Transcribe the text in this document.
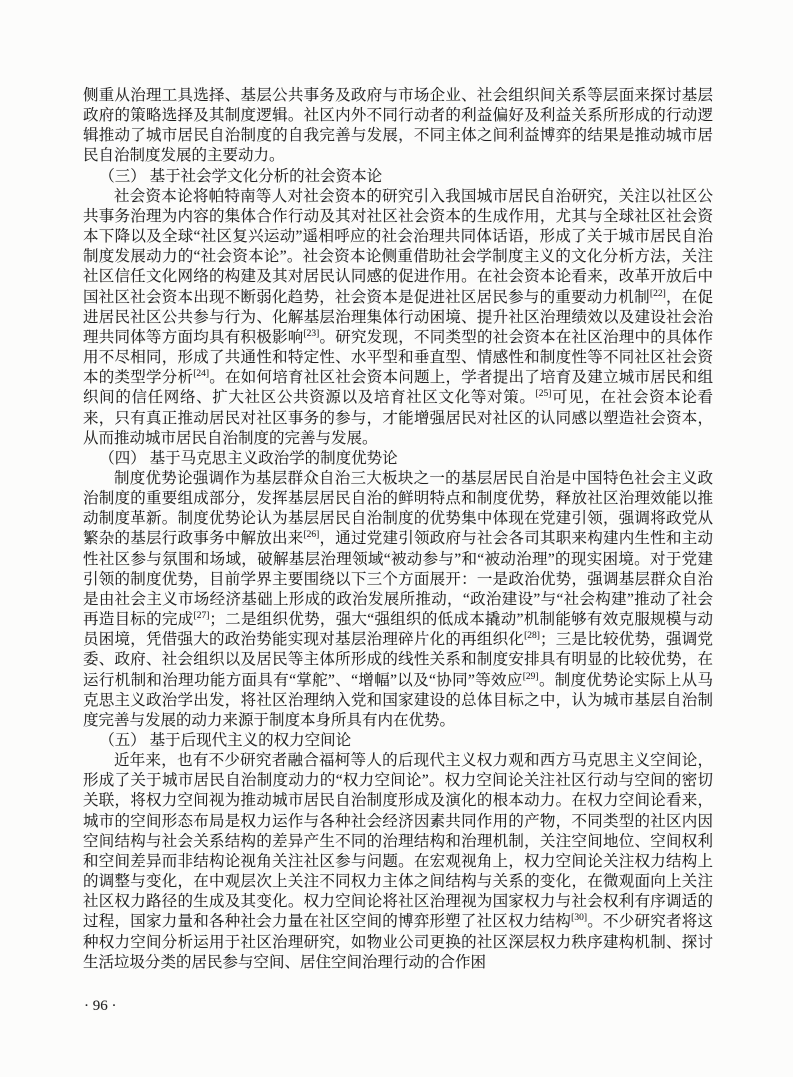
侧重从治理工具选择、基层公共事务及政府与市场企业、社会组织间关系等层面来探讨基层政府的策略选择及其制度逻辑。社区内外不同行动者的利益偏好及利益关系所形成的行动逻辑推动了城市居民自治制度的自我完善与发展，不同主体之间利益博弈的结果是推动城市居民自治制度发展的主要动力。

（三） 基于社会学文化分析的社会资本论

社会资本论将帕特南等人对社会资本的研究引入我国城市居民自治研究，关注以社区公共事务治理为内容的集体合作行动及其对社区社会资本的生成作用，尤其与全球社区社会资本下降以及全球“社区复兴运动”遥相呼应的社会治理共同体话语，形成了关于城市居民自治制度发展动力的“社会资本论”。社会资本论侧重借助社会学制度主义的文化分析方法，关注社区信任文化网络的构建及其对居民认同感的促进作用。在社会资本论看来，改革开放后中国社区社会资本出现不断弱化趋势，社会资本是促进社区居民参与的重要动力机制[22]，在促进居民社区公共参与行为、化解基层治理集体行动困境、提升社区治理绩效以及建设社会治理共同体等方面均具有积极影响[23]。研究发现，不同类型的社会资本在社区治理中的具体作用不尽相同，形成了共通性和特定性、水平型和垂直型、情感性和制度性等不同社区社会资本的类型学分析[24]。在如何培育社区社会资本问题上，学者提出了培育及建立城市居民和组织间的信任网络、扩大社区公共资源以及培育社区文化等对策。[25]可见，在社会资本论看来，只有真正推动居民对社区事务的参与，才能增强居民对社区的认同感以塑造社会资本，从而推动城市居民自治制度的完善与发展。

（四） 基于马克思主义政治学的制度优势论

制度优势论强调作为基层群众自治三大板块之一的基层居民自治是中国特色社会主义政治制度的重要组成部分，发挥基层居民自治的鲜明特点和制度优势，释放社区治理效能以推动制度革新。制度优势论认为基层居民自治制度的优势集中体现在党建引领，强调将政党从繁杂的基层行政事务中解放出来[26]，通过党建引领政府与社会各司其职来构建内生性和主动性社区参与氛围和场域，破解基层治理领域“被动参与”和“被动治理”的现实困境。对于党建引领的制度优势，目前学界主要围绕以下三个方面展开：一是政治优势，强调基层群众自治是由社会主义市场经济基础上形成的政治发展所推动，“政治建设”与“社会构建”推动了社会再造目标的完成[27]；二是组织优势，强大“强组织的低成本撬动”机制能够有效克服规模与动员困境，凭借强大的政治势能实现对基层治理碎片化的再组织化[28]；三是比较优势，强调党委、政府、社会组织以及居民等主体所形成的线性关系和制度安排具有明显的比较优势，在运行机制和治理功能方面具有“掌舵”、“增幅”以及“协同”等效应[29]。制度优势论实际上从马克思主义政治学出发，将社区治理纳入党和国家建设的总体目标之中，认为城市基层自治制度完善与发展的动力来源于制度本身所具有内在优势。

（五） 基于后现代主义的权力空间论

近年来，也有不少研究者融合福柯等人的后现代主义权力观和西方马克思主义空间论，形成了关于城市居民自治制度动力的“权力空间论”。权力空间论关注社区行动与空间的密切关联，将权力空间视为推动城市居民自治制度形成及演化的根本动力。在权力空间论看来，城市的空间形态布局是权力运作与各种社会经济因素共同作用的产物，不同类型的社区内因空间结构与社会关系结构的差异产生不同的治理结构和治理机制，关注空间地位、空间权利和空间差异而非结构论视角关注社区参与问题。在宏观视角上，权力空间论关注权力结构上的调整与变化，在中观层次上关注不同权力主体之间结构与关系的变化，在微观面向上关注社区权力路径的生成及其变化。权力空间论将社区治理视为国家权力与社会权利有序调适的过程，国家力量和各种社会力量在社区空间的博弈形塑了社区权力结构[30]。不少研究者将这种权力空间分析运用于社区治理研究，如物业公司更换的社区深层权力秩序建构机制、探讨生活垃圾分类的居民参与空间、居住空间治理行动的合作困

· 96 ·
